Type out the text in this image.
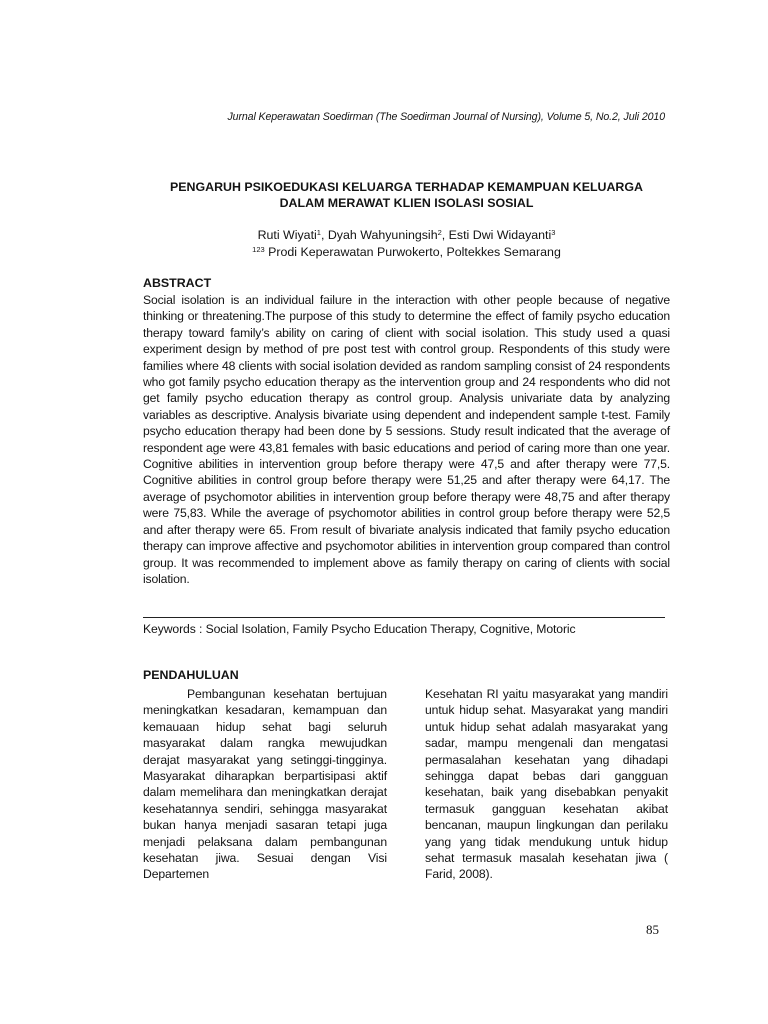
Jurnal Keperawatan Soedirman (The Soedirman Journal of Nursing), Volume 5, No.2, Juli 2010
PENGARUH PSIKOEDUKASI KELUARGA TERHADAP KEMAMPUAN KELUARGA
DALAM MERAWAT KLIEN ISOLASI SOSIAL
Ruti Wiyati$^1$, Dyah Wahyuningsih$^2$, Esti Dwi Widayanti$^3$
$^{123}$ Prodi Keperawatan Purwokerto, Poltekkes Semarang
ABSTRACT
Social isolation is an individual failure in the interaction with other people because of negative thinking or threatening.The purpose of this study to determine the effect of family psycho education therapy toward family’s ability on caring of client with social isolation. This study used a quasi experiment design by method of pre post test with control group. Respondents of this study were families where 48 clients with social isolation devided as random sampling consist of 24 respondents who got family psycho education therapy as the intervention group and 24 respondents who did not get family psycho education therapy as control group. Analysis univariate data by analyzing variables as descriptive. Analysis bivariate using dependent and independent sample t-test. Family psycho education therapy had been done by 5 sessions. Study result indicated that the average of respondent age were 43,81 females with basic educations and period of caring more than one year. Cognitive abilities in intervention group before therapy were 47,5 and after therapy were 77,5. Cognitive abilities in control group before therapy were 51,25 and after therapy were 64,17. The average of psychomotor abilities in intervention group before therapy were 48,75 and after therapy were 75,83. While the average of psychomotor abilities in control group before therapy were 52,5 and after therapy were 65. From result of bivariate analysis indicated that family psycho education therapy can improve affective and psychomotor abilities in intervention group compared than control group. It was recommended to implement above as family therapy on caring of clients with social isolation.
Keywords : Social Isolation, Family Psycho Education Therapy, Cognitive, Motoric
PENDAHULUAN

Pembangunan kesehatan bertujuan meningkatkan kesadaran, kemampuan dan kemauaan hidup sehat bagi seluruh masyarakat dalam rangka mewujudkan derajat masyarakat yang setinggi-tingginya. Masyarakat diharapkan berpartisipasi aktif dalam memelihara dan meningkatkan derajat kesehatannya sendiri, sehingga masyarakat bukan hanya menjadi sasaran tetapi juga menjadi pelaksana dalam pembangunan kesehatan jiwa. Sesuai dengan Visi Departemen

Kesehatan RI yaitu masyarakat yang mandiri untuk hidup sehat. Masyarakat yang mandiri untuk hidup sehat adalah masyarakat yang sadar, mampu mengenali dan mengatasi permasalahan kesehatan yang dihadapi sehingga dapat bebas dari gangguan kesehatan, baik yang disebabkan penyakit termasuk gangguan kesehatan akibat bencanan, maupun lingkungan dan perilaku yang yang tidak mendukung untuk hidup sehat termasuk masalah kesehatan jiwa ( Farid, 2008).

85
